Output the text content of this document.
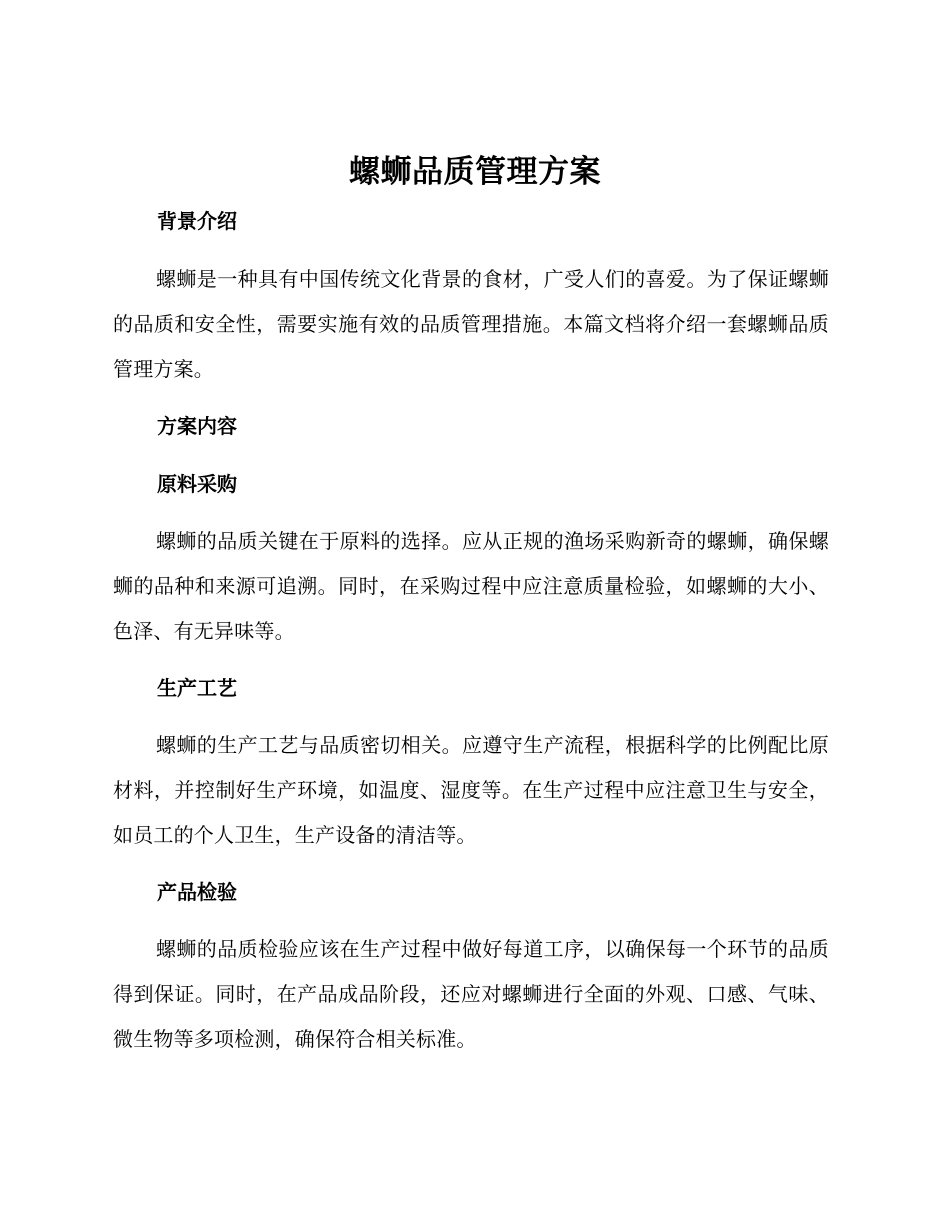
螺蛳品质管理方案
背景介绍

螺蛳是一种具有中国传统文化背景的食材，广受人们的喜爱。为了保证螺蛳的品质和安全性，需要实施有效的品质管理措施。本篇文档将介绍一套螺蛳品质管理方案。

方案内容
原料采购

螺蛳的品质关键在于原料的选择。应从正规的渔场采购新奇的螺蛳，确保螺蛳的品种和来源可追溯。同时，在采购过程中应注意质量检验，如螺蛳的大小、色泽、有无异味等。

生产工艺

螺蛳的生产工艺与品质密切相关。应遵守生产流程，根据科学的比例配比原材料，并控制好生产环境，如温度、湿度等。在生产过程中应注意卫生与安全，如员工的个人卫生，生产设备的清洁等。

产品检验

螺蛳的品质检验应该在生产过程中做好每道工序，以确保每一个环节的品质得到保证。同时，在产品成品阶段，还应对螺蛳进行全面的外观、口感、气味、微生物等多项检测，确保符合相关标准。
